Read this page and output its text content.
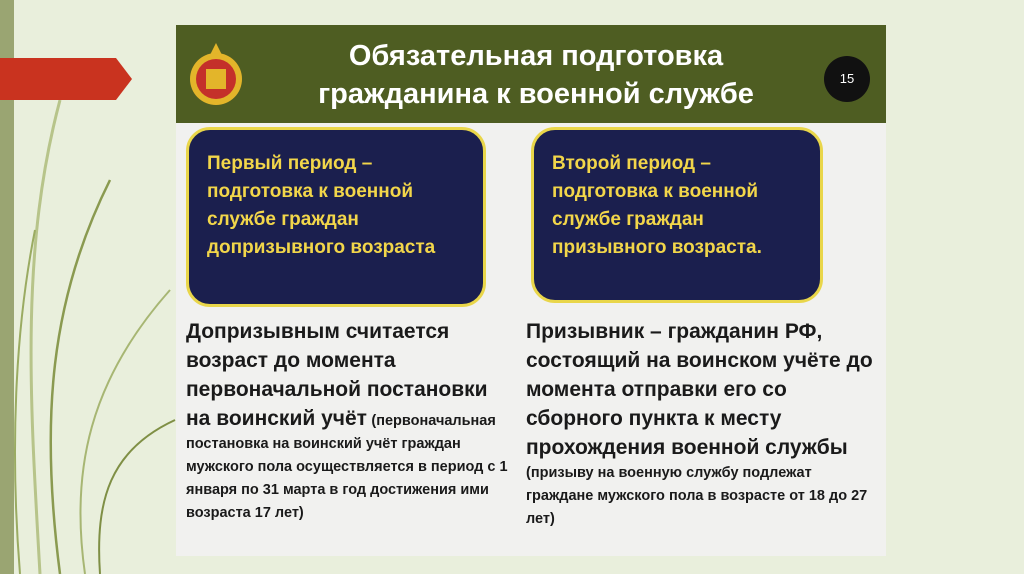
Обязательная подготовка
гражданина к военной службе	15
Первый период – подготовка к военной службе граждан допризывного возраста
Второй период – подготовка к военной службе граждан призывного возраста.
Допризывным считается возраст до момента первоначальной постановки на воинский учёт (первоначальная постановка на воинский учёт граждан мужского пола осуществляется в период с 1 января по 31 марта в год достижения ими возраста 17 лет)
Призывник – гражданин РФ, состоящий на воинском учёте до момента отправки его со сборного пункта к месту прохождения военной службы (призыву на военную службу подлежат граждане мужского пола в возрасте от 18 до 27 лет)
